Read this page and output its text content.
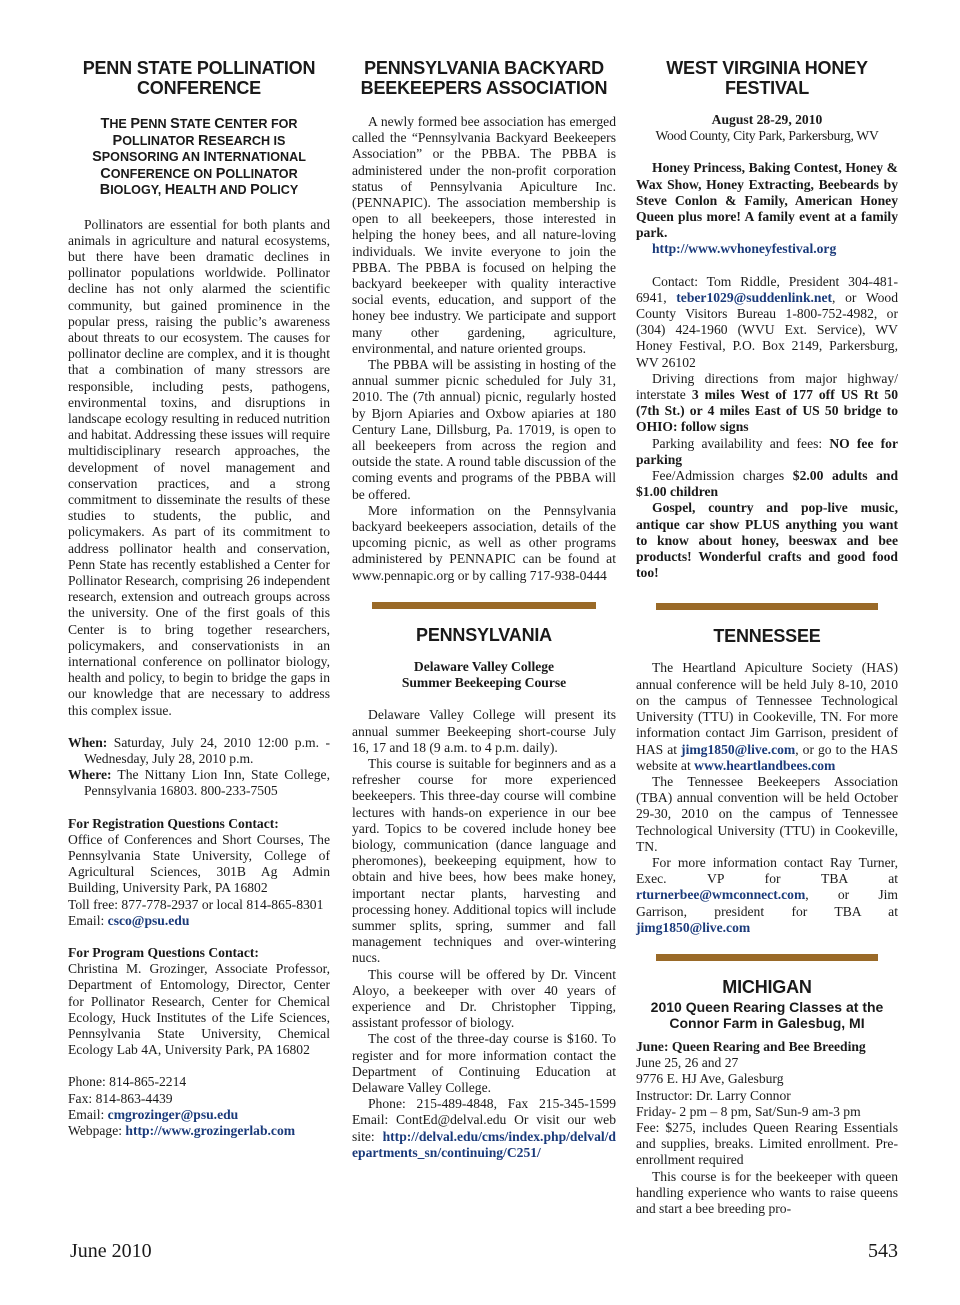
PENN STATE POLLINATION CONFERENCE
THE PENN STATE CENTER FOR
POLLINATOR RESEARCH IS
SPONSORING AN INTERNATIONAL
CONFERENCE ON POLLINATOR
BIOLOGY, HEALTH AND POLICY

Pollinators are essential for both plants and animals in agriculture and natural ecosystems, but there have been dramatic declines in pollinator populations worldwide. Pollinator decline has not only alarmed the scientific community, but gained prominence in the popular press, raising the public’s awareness about threats to our ecosystem. The causes for pollinator decline are complex, and it is thought that a combination of many stressors are responsible, including pests, pathogens, environmental toxins, and disruptions in landscape ecology resulting in reduced nutrition and habitat. Addressing these issues will require multidisciplinary research approaches, the development of novel management and conservation practices, and a strong commitment to disseminate the results of these studies to students, the public, and policymakers. As part of its commitment to address pollinator health and conservation, Penn State has recently established a Center for Pollinator Research, comprising 26 independent research, extension and outreach groups across the university. One of the first goals of this Center is to bring together researchers, policymakers, and conservationists in an international conference on pollinator biology, health and policy, to begin to bridge the gaps in our knowledge that are necessary to address this complex issue.

When: Saturday, July 24, 2010 12:00 p.m. -Wednesday, July 28, 2010 p.m.
Where: The Nittany Lion Inn, State College, Pennsylvania 16803. 800-233-7505
For Registration Questions Contact:
Office of Conferences and Short Courses, The Pennsylvania State University, College of Agricultural Sciences, 301B Ag Admin Building, University Park, PA 16802
Toll free: 877-778-2937 or local 814-865-8301
Email: csco@psu.edu
For Program Questions Contact:
Christina M. Grozinger, Associate Professor, Department of Entomology, Director, Center for Pollinator Research, Center for Chemical Ecology, Huck Institutes of the Life Sciences, Pennsylvania State University, Chemical Ecology Lab 4A, University Park, PA 16802
Phone: 814-865-2214
Fax: 814-863-4439
Email: cmgrozinger@psu.edu
Webpage: http://www.grozingerlab.com
PENNSYLVANIA BACKYARD BEEKEEPERS ASSOCIATION

A newly formed bee association has emerged called the “Pennsylvania Backyard Beekeepers Association” or the PBBA. The PBBA is administered under the non-profit corporation status of Pennsylvania Apiculture Inc. (PENNAPIC). The association membership is open to all beekeepers, those interested in helping the honey bees, and all nature-loving individuals. We invite everyone to join the PBBA. The PBBA is focused on helping the backyard beekeeper with quality interactive social events, education, and support of the honey bee industry. We participate and support many other gardening, agriculture, environmental, and nature oriented groups.

The PBBA will be assisting in hosting of the annual summer picnic scheduled for July 31, 2010. The (7th annual) picnic, regularly hosted by Bjorn Apiaries and Oxbow apiaries at 180 Century Lane, Dillsburg, Pa. 17019, is open to all beekeepers from across the region and outside the state. A round table discussion of the coming events and programs of the PBBA will be offered.

More information on the Pennsylvania backyard beekeepers association, details of the upcoming picnic, as well as other programs administered by PENNAPIC can be found at www.pennapic.org or by calling 717-938-0444

PENNSYLVANIA
Delaware Valley College
Summer Beekeeping Course

Delaware Valley College will present its annual summer Beekeeping short-course July 16, 17 and 18 (9 a.m. to 4 p.m. daily).

This course is suitable for beginners and as a refresher course for more experienced beekeepers. This three-day course will combine lectures with hands-on experience in our bee yard. Topics to be covered include honey bee biology, communication (dance language and pheromones), beekeeping equipment, how to obtain and hive bees, how bees make honey, important nectar plants, harvesting and processing honey. Additional topics will include summer splits, spring, summer and fall management techniques and over-wintering nucs.

This course will be offered by Dr. Vincent Aloyo, a beekeeper with over 40 years of experience and Dr. Christopher Tipping, assistant professor of biology.

The cost of the three-day course is $160. To register and for more information contact the Department of Continuing Education at Delaware Valley College.

Phone: 215-489-4848, Fax 215-345-1599 Email: ContEd@delval.edu Or visit our web site: http://delval.edu/cms/index.php/delval/departments_sn/continuing/C251/

WEST VIRGINIA HONEY FESTIVAL
August 28-29, 2010
Wood County, City Park, Parkersburg, WV

Honey Princess, Baking Contest, Honey & Wax Show, Honey Extracting, Beebeards by Steve Conlon & Family, American Honey Queen plus more! A family event at a family park.

http://www.wvhoneyfestival.org

Contact: Tom Riddle, President 304-481-6941, teber1029@suddenlink.net, or Wood County Visitors Bureau 1-800-752-4982, or (304) 424-1960 (WVU Ext. Service), WV Honey Festival, P.O. Box 2149, Parkersburg, WV 26102

Driving directions from major highway/ interstate 3 miles West of 177 off US Rt 50 (7th St.) or 4 miles East of US 50 bridge to OHIO: follow signs

Parking availability and fees: NO fee for parking

Fee/Admission charges $2.00 adults and $1.00 children

Gospel, country and pop-live music, antique car show PLUS anything you want to know about honey, beeswax and bee products! Wonderful crafts and good food too!

TENNESSEE

The Heartland Apiculture Society (HAS) annual conference will be held July 8-10, 2010 on the campus of Tennessee Technological University (TTU) in Cookeville, TN. For more information contact Jim Garrison, president of HAS at jimg1850@live.com, or go to the HAS website at www.heartlandbees.com

The Tennessee Beekeepers Association (TBA) annual convention will be held October 29-30, 2010 on the campus of Tennessee Technological University (TTU) in Cookeville, TN.

For more information contact Ray Turner, Exec. VP for TBA at rturnerbee@wmconnect.com, or Jim Garrison, president for TBA at jimg1850@live.com

MICHIGAN
2010 Queen Rearing Classes at the Connor Farm in Galesbug, MI
June: Queen Rearing and Bee Breeding
June 25, 26 and 27
9776 E. HJ Ave, Galesburg
Instructor: Dr. Larry Connor
Friday- 2 pm – 8 pm, Sat/Sun-9 am-3 pm
Fee: $275, includes Queen Rearing Essentials and supplies, breaks. Limited enrollment. Pre-enrollment required

This course is for the beekeeper with queen handling experience who wants to raise queens and start a bee breeding pro-

June 2010	543
